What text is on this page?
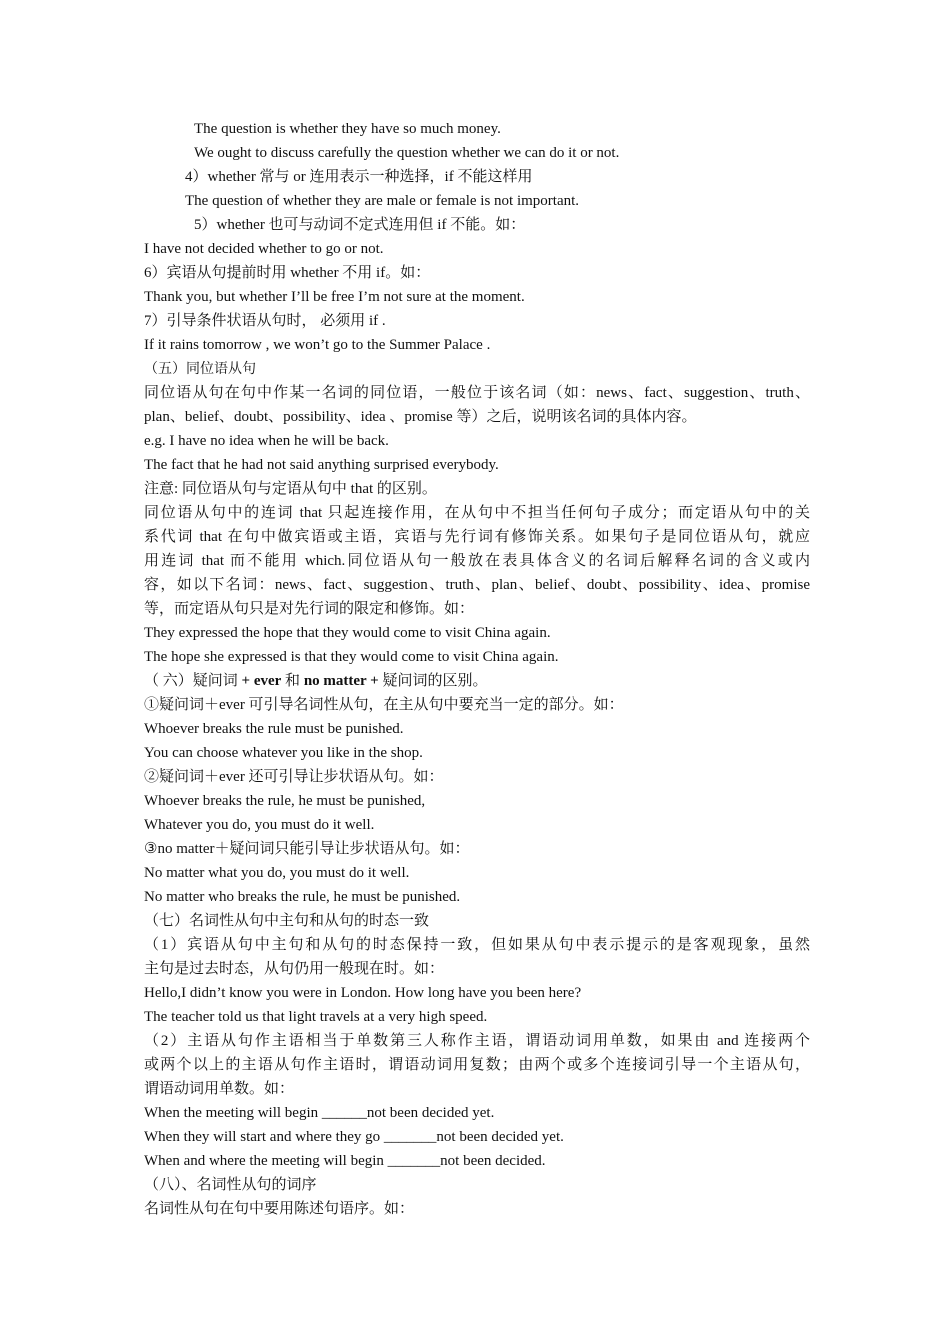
The question is whether they have so much money.
We ought to discuss carefully the question whether we can do it or not.
4）whether 常与 or 连用表示一种选择，if 不能这样用
The question of whether they are male or female is not important.
5）whether 也可与动词不定式连用但 if 不能。如：
I have not decided whether to go or not.
6）宾语从句提前时用 whether 不用 if。如：
Thank you, but whether I’ll be free I’m not sure at the moment.
7）引导条件状语从句时， 必须用 if .
If it rains tomorrow , we won’t go to the Summer Palace .
（五）同位语从句
同位语从句在句中作某一名词的同位语，一般位于该名词（如：news、fact、suggestion、truth、
plan、belief、doubt、possibility、idea 、promise 等）之后，说明该名词的具体内容。
e.g. I have no idea when he will be back.
The fact that he had not said anything surprised everybody.
注意: 同位语从句与定语从句中 that 的区别。
同位语从句中的连词 that 只起连接作用，在从句中不担当任何句子成分；而定语从句中的关
系代词 that 在句中做宾语或主语，宾语与先行词有修饰关系。如果句子是同位语从句，就应
用连词 that 而不能用 which.同位语从句一般放在表具体含义的名词后解释名词的含义或内
容，如以下名词：news、fact、suggestion、truth、plan、belief、doubt、possibility、idea、promise
等，而定语从句只是对先行词的限定和修饰。如：
They expressed the hope that they would come to visit China again.
The hope she expressed is that they would come to visit China again.
（ 六）疑问词 + ever 和 no matter + 疑问词的区别。
①疑问词＋ever 可引导名词性从句，在主从句中要充当一定的部分。如：
Whoever breaks the rule must be punished.
You can choose whatever you like in the shop.
②疑问词＋ever 还可引导让步状语从句。如：
Whoever breaks the rule, he must be punished,
Whatever you do, you must do it well.
③no matter＋疑问词只能引导让步状语从句。如：
No matter what you do, you must do it well.
No matter who breaks the rule, he must be punished.
（七）名词性从句中主句和从句的时态一致
（1）宾语从句中主句和从句的时态保持一致，但如果从句中表示提示的是客观现象，虽然
主句是过去时态，从句仍用一般现在时。如：
Hello,I didn’t know you were in London. How long have you been here?
The teacher told us that light travels at a very high speed.
（2）主语从句作主语相当于单数第三人称作主语，谓语动词用单数，如果由 and 连接两个
或两个以上的主语从句作主语时，谓语动词用复数；由两个或多个连接词引导一个主语从句，
谓语动词用单数。如：
When the meeting will begin ______not been decided yet.
When they will start and where they go _______not been decided yet.
When and where the meeting will begin _______not been decided.
（八）、名词性从句的词序
名词性从句在句中要用陈述句语序。如：
